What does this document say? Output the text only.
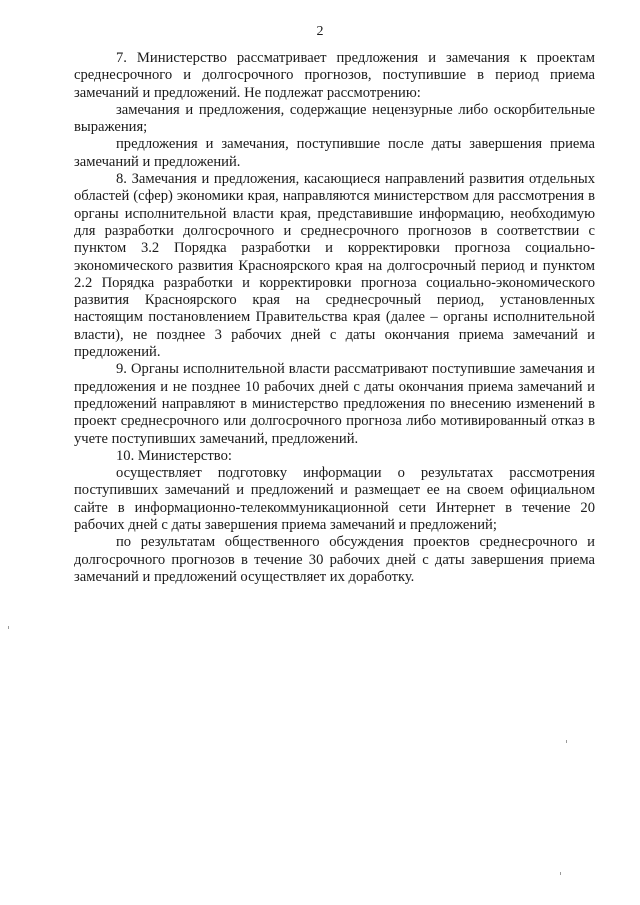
2

7. Министерство рассматривает предложения и замечания к проектам среднесрочного и долгосрочного прогнозов, поступившие в период приема замечаний и предложений. Не подлежат рассмотрению:

замечания и предложения, содержащие нецензурные либо оскорбительные выражения;

предложения и замечания, поступившие после даты завершения приема замечаний и предложений.

8. Замечания и предложения, касающиеся направлений развития отдельных областей (сфер) экономики края, направляются министерством для рассмотрения в органы исполнительной власти края, представившие информацию, необходимую для разработки долгосрочного и среднесрочного прогнозов в соответствии с пунктом 3.2 Порядка разработки и корректировки прогноза социально-экономического развития Красноярского края на долгосрочный период и пунктом 2.2 Порядка разработки и корректировки прогноза социально-экономического развития Красноярского края на среднесрочный период, установленных настоящим постановлением Правительства края (далее – органы исполнительной власти), не позднее 3 рабочих дней с даты окончания приема замечаний и предложений.

9. Органы исполнительной власти рассматривают поступившие замечания и предложения и не позднее 10 рабочих дней с даты окончания приема замечаний и предложений направляют в министерство предложения по внесению изменений в проект среднесрочного или долгосрочного прогноза либо мотивированный отказ в учете поступивших замечаний, предложений.

10. Министерство:

осуществляет подготовку информации о результатах рассмотрения поступивших замечаний и предложений и размещает ее на своем официальном сайте в информационно-телекоммуникационной сети Интернет в течение 20 рабочих дней с даты завершения приема замечаний и предложений;

по результатам общественного обсуждения проектов среднесрочного и долгосрочного прогнозов в течение 30 рабочих дней с даты завершения приема замечаний и предложений осуществляет их доработку.
